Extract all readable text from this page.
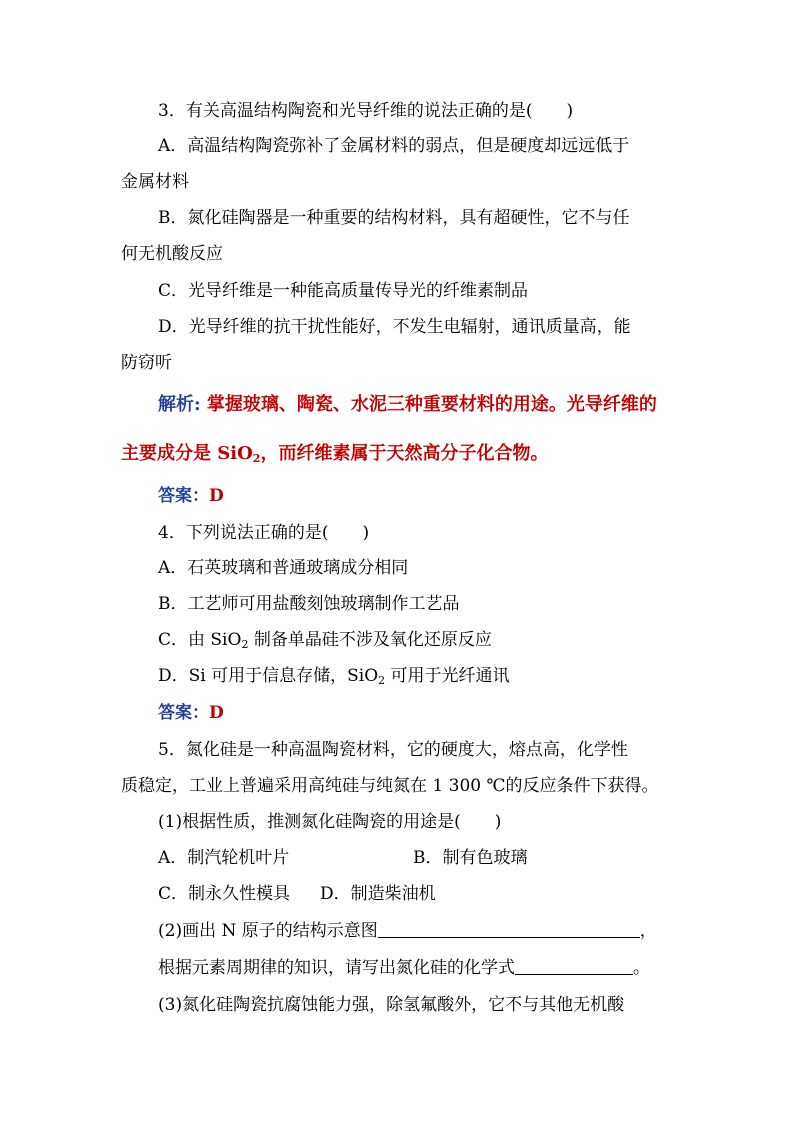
3．有关高温结构陶瓷和光导纤维的说法正确的是(　　)
A．高温结构陶瓷弥补了金属材料的弱点，但是硬度却远远低于
金属材料
B．氮化硅陶器是一种重要的结构材料，具有超硬性，它不与任
何无机酸反应
C．光导纤维是一种能高质量传导光的纤维素制品
D．光导纤维的抗干扰性能好，不发生电辐射，通讯质量高，能
防窃听
解析: 掌握玻璃、陶瓷、水泥三种重要材料的用途。光导纤维的
主要成分是 SiO$_2$，而纤维素属于天然高分子化合物。
答案：D
4．下列说法正确的是(　　)
A．石英玻璃和普通玻璃成分相同
B．工艺师可用盐酸刻蚀玻璃制作工艺品
C．由 SiO$_2$ 制备单晶硅不涉及氧化还原反应
D．Si 可用于信息存储，SiO$_2$ 可用于光纤通讯
答案：D
5．氮化硅是一种高温陶瓷材料，它的硬度大，熔点高，化学性
质稳定，工业上普遍采用高纯硅与纯氮在 1 300 ℃的反应条件下获得。
(1)根据性质，推测氮化硅陶瓷的用途是(　　)
A．制汽轮机叶片	B．制有色玻璃
C．制永久性模具 D．制造柴油机
(2)画出 N 原子的结构示意图	，
根据元素周期律的知识，请写出氮化硅的化学式	。
(3)氮化硅陶瓷抗腐蚀能力强，除氢氟酸外，它不与其他无机酸
